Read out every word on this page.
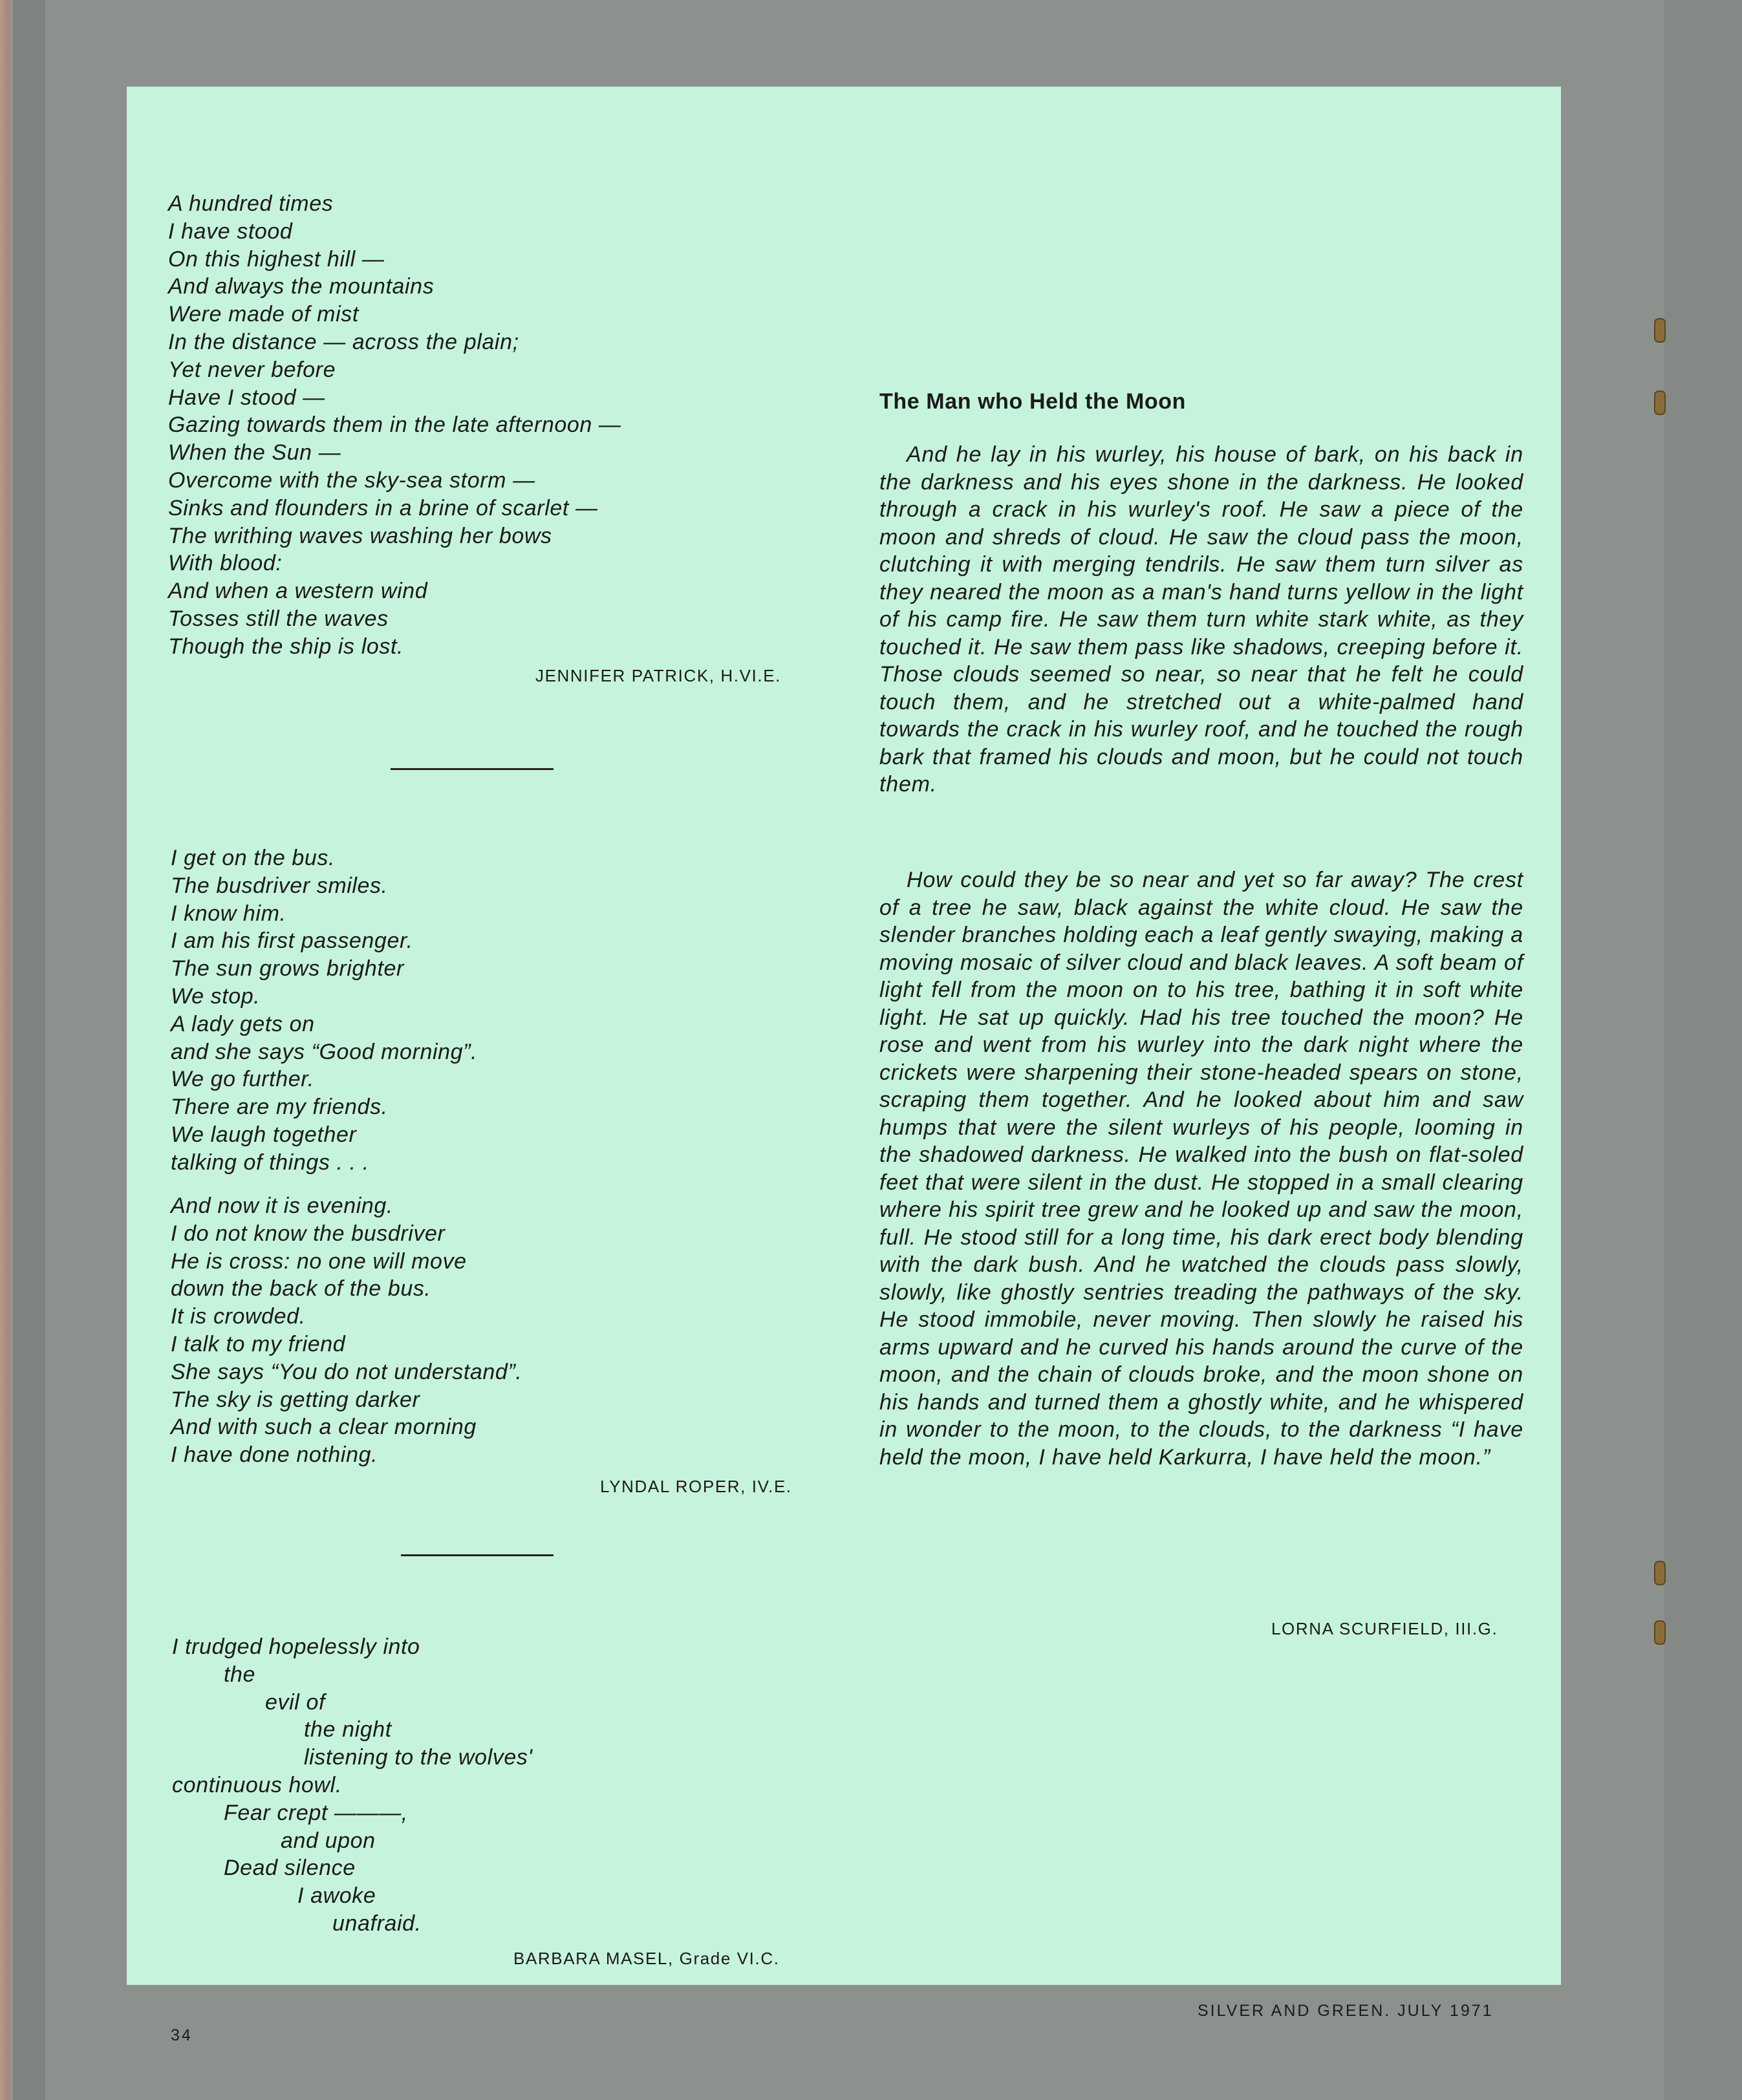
A hundred times
I have stood
On this highest hill —
And always the mountains
Were made of mist
In the distance — across the plain;
Yet never before
Have I stood —
Gazing towards them in the late afternoon —
When the Sun —
Overcome with the sky-sea storm —
Sinks and flounders in a brine of scarlet —
The writhing waves washing her bows
With blood:
And when a western wind
Tosses still the waves
Though the ship is lost.
JENNIFER PATRICK, H.VI.E.
I get on the bus.
The busdriver smiles.
I know him.
I am his first passenger.
The sun grows brighter
We stop.
A lady gets on
and she says “Good morning”.
We go further.
There are my friends.
We laugh together
talking of things . . .
And now it is evening.
I do not know the busdriver
He is cross: no one will move
down the back of the bus.
It is crowded.
I talk to my friend
She says “You do not understand”.
The sky is getting darker
And with such a clear morning
I have done nothing.
LYNDAL ROPER, IV.E.
I trudged hopelessly into
the
evil of
the night
listening to the wolves'
continuous howl.
Fear crept ———,
and upon
Dead silence
I awoke
unafraid.
BARBARA MASEL, Grade VI.C.
The Man who Held the Moon

And he lay in his wurley, his house of bark, on his back in the darkness and his eyes shone in the darkness. He looked through a crack in his wurley's roof. He saw a piece of the moon and shreds of cloud. He saw the cloud pass the moon, clutching it with merging tendrils. He saw them turn silver as they neared the moon as a man's hand turns yellow in the light of his camp fire. He saw them turn white stark white, as they touched it. He saw them pass like shadows, creeping before it. Those clouds seemed so near, so near that he felt he could touch them, and he stretched out a white-palmed hand towards the crack in his wurley roof, and he touched the rough bark that framed his clouds and moon, but he could not touch them.

How could they be so near and yet so far away? The crest of a tree he saw, black against the white cloud. He saw the slender branches holding each a leaf gently swaying, making a moving mosaic of silver cloud and black leaves. A soft beam of light fell from the moon on to his tree, bathing it in soft white light. He sat up quickly. Had his tree touched the moon? He rose and went from his wurley into the dark night where the crickets were sharpening their stone-headed spears on stone, scraping them together. And he looked about him and saw humps that were the silent wurleys of his people, looming in the shadowed darkness. He walked into the bush on flat-soled feet that were silent in the dust. He stopped in a small clearing where his spirit tree grew and he looked up and saw the moon, full. He stood still for a long time, his dark erect body blending with the dark bush. And he watched the clouds pass slowly, slowly, like ghostly sentries treading the pathways of the sky. He stood immobile, never moving. Then slowly he raised his arms upward and he curved his hands around the curve of the moon, and the chain of clouds broke, and the moon shone on his hands and turned them a ghostly white, and he whispered in wonder to the moon, to the clouds, to the darkness “I have held the moon, I have held Karkurra, I have held the moon.”

LORNA SCURFIELD, III.G.
34
SILVER AND GREEN. JULY 1971
